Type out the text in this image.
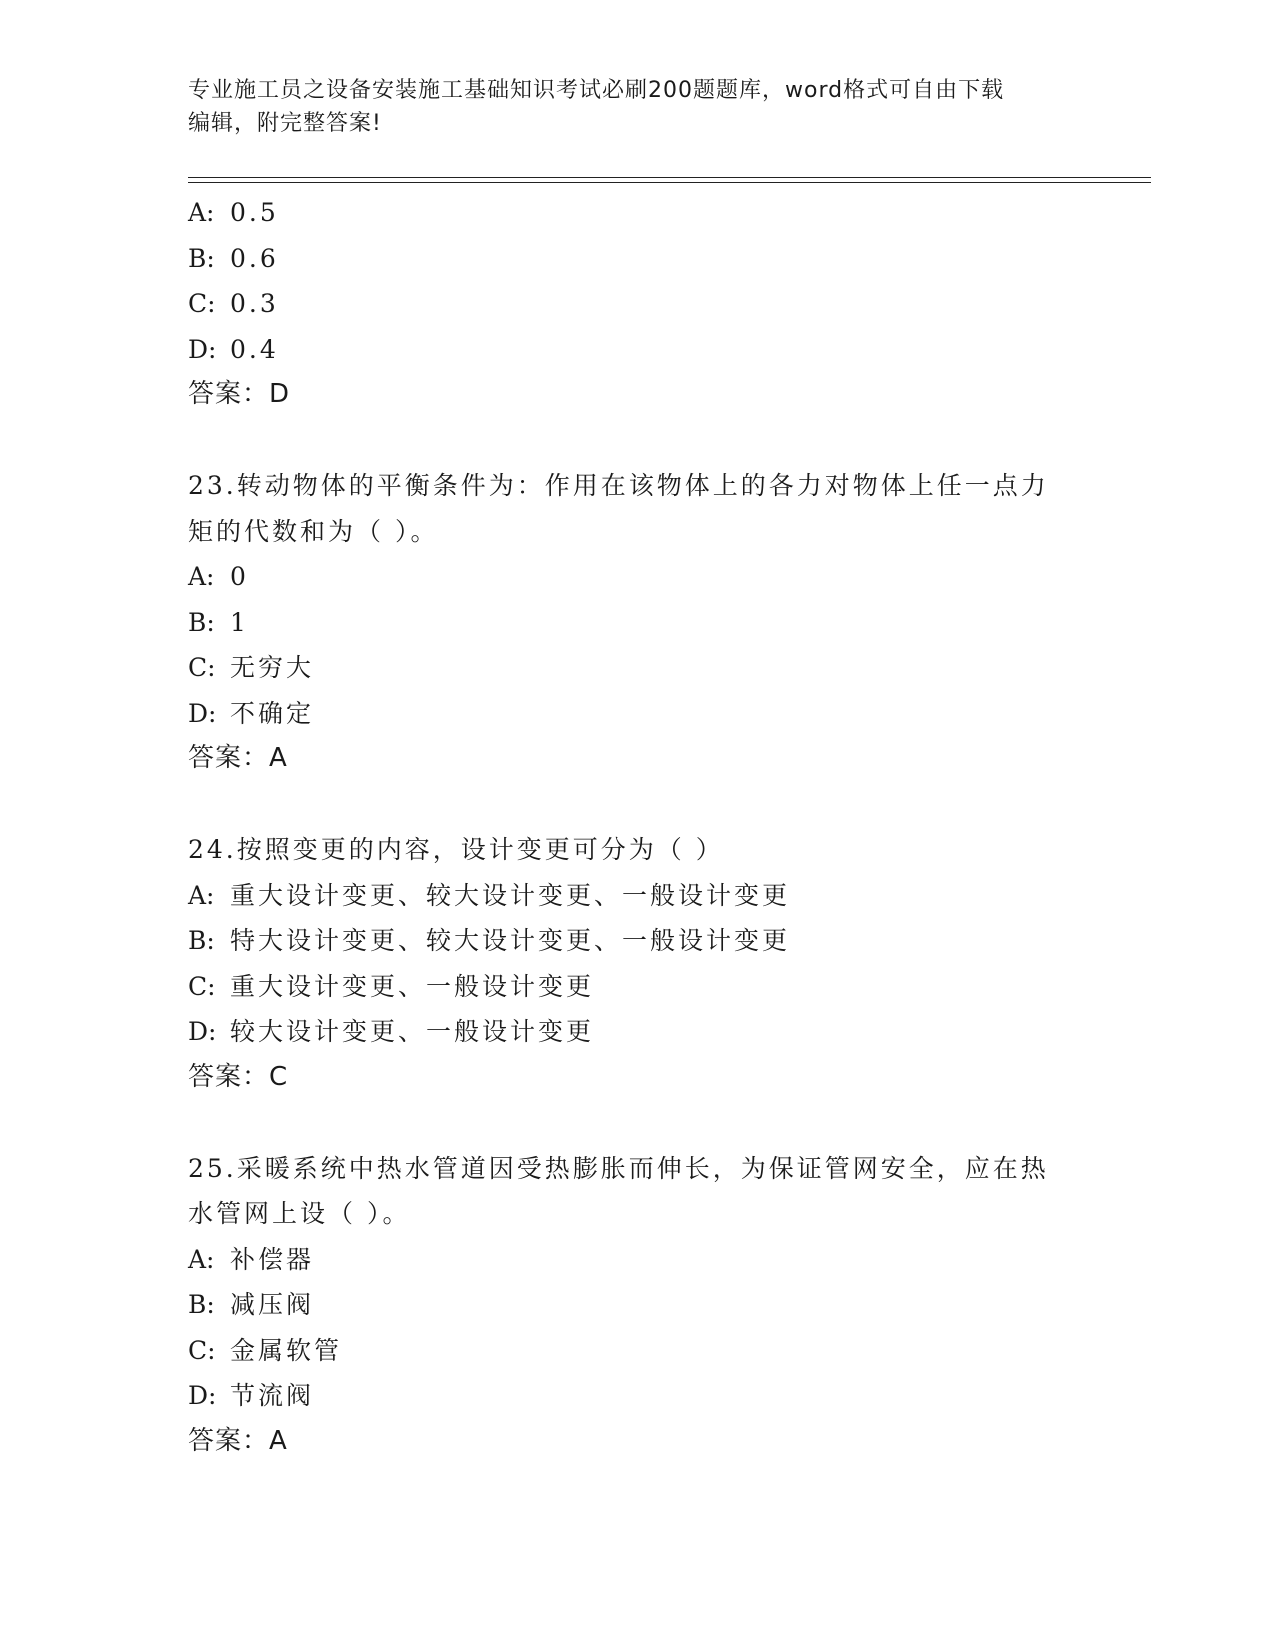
专业施工员之设备安装施工基础知识考试必刷200题题库，word格式可自由下载
编辑，附完整答案!
A: 0.5
B: 0.6
C: 0.3
D: 0.4
答案：D
23.转动物体的平衡条件为：作用在该物体上的各力对物体上任一点力
矩的代数和为（ ）。
A: 0
B: 1
C: 无穷大
D: 不确定
答案：A
24.按照变更的内容，设计变更可分为（ ）
A: 重大设计变更、较大设计变更、一般设计变更
B: 特大设计变更、较大设计变更、一般设计变更
C: 重大设计变更、一般设计变更
D: 较大设计变更、一般设计变更
答案：C
25.采暖系统中热水管道因受热膨胀而伸长，为保证管网安全，应在热
水管网上设（ ）。
A: 补偿器
B: 减压阀
C: 金属软管
D: 节流阀
答案：A
